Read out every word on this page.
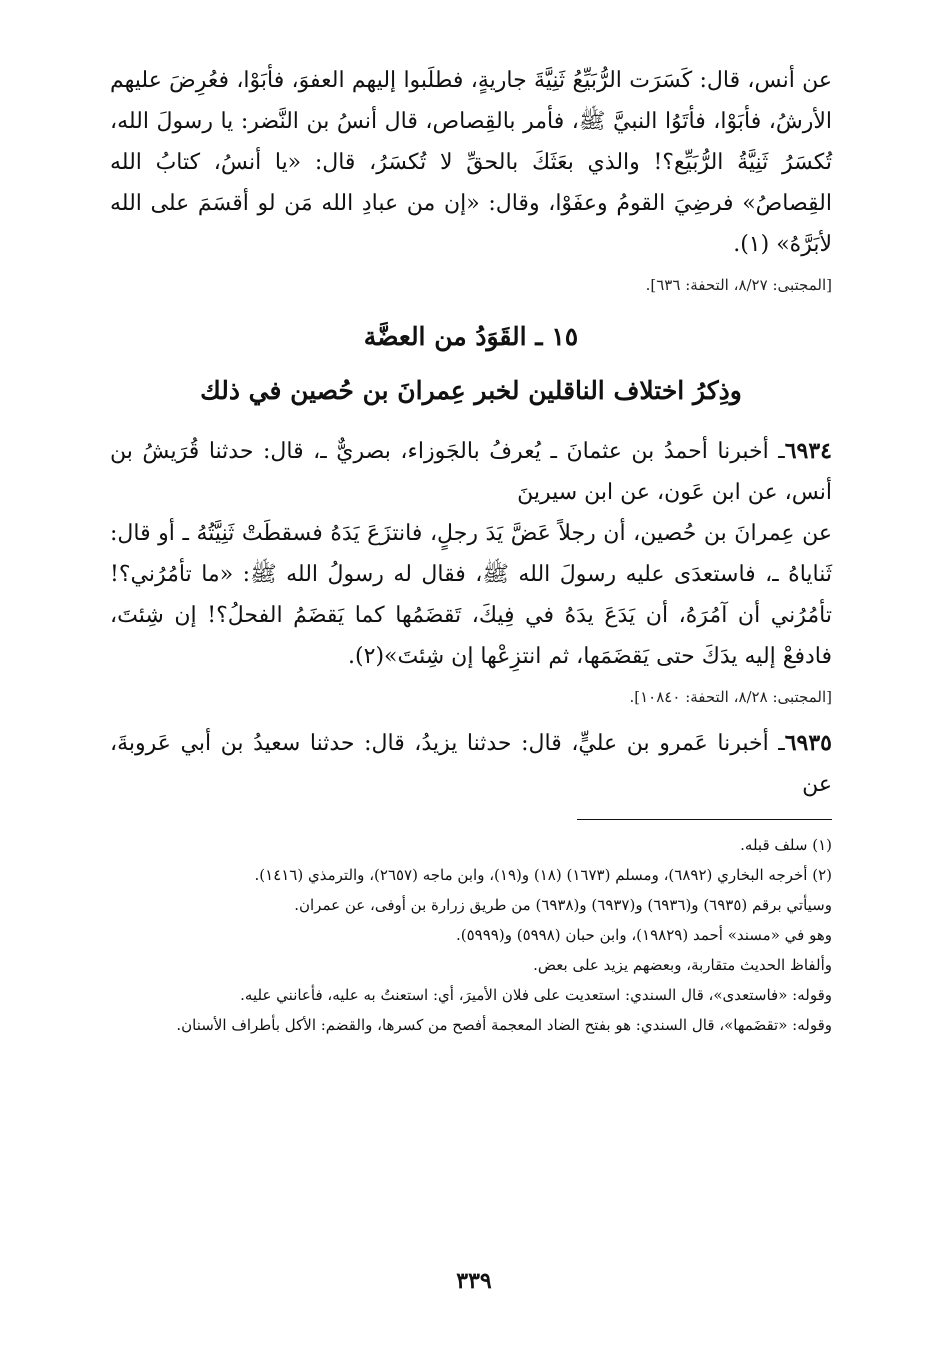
عن أنس، قال: كَسَرَت الرُّبَيِّعُ ثَنِيَّةَ جاريةٍ، فطلَبوا إليهم العفوَ، فأبَوْا، فعُرِضَ عليهم الأرشُ، فأبَوْا، فأتَوُا النبيَّ ﷺ، فأمر بالقِصاص، قال أنسُ بن النَّضر: يا رسولَ الله، تُكسَرُ ثَنِيَّةُ الرُّبَيِّع؟! والذي بعَثَكَ بالحقِّ لا تُكسَرُ، قال: «يا أنسُ، كتابُ الله القِصاصُ» فرضِيَ القومُ وعفَوْا، وقال: «إن من عبادِ الله مَن لو أقسَمَ على الله لأبَرَّهُ» (١).

[المجتبى: ٨/٢٧، التحفة: ٦٣٦].
١٥ ـ القَوَدُ من العضَّة
وذِكرُ اختلاف الناقلين لخبر عِمرانَ بن حُصين في ذلك

٦٩٣٤ـ أخبرنا أحمدُ بن عثمانَ ـ يُعرفُ بالجَوزاء، بصريٌّ ـ، قال: حدثنا قُرَيشُ بن أنس، عن ابن عَون، عن ابن سيرينَ

عن عِمرانَ بن حُصين، أن رجلاً عَضَّ يَدَ رجلٍ، فانتزَعَ يَدَهُ فسقطَتْ ثَنِيَّتُهُ ـ أو قال: ثَناياهُ ـ، فاستعدَى عليه رسولَ الله ﷺ، فقال له رسولُ الله ﷺ: «ما تأمُرُني؟! تأمُرُني أن آمُرَهُ، أن يَدَعَ يدَهُ في فِيكَ، تَقضَمُها كما يَقضَمُ الفحلُ؟! إن شِئتَ، فادفعْ إليه يدَكَ حتى يَقضَمَها، ثم انتزِعْها إن شِئتَ»(٢).

[المجتبى: ٨/٢٨، التحفة: ١٠٨٤٠].

٦٩٣٥ـ أخبرنا عَمرو بن عليٍّ، قال: حدثنا يزيدُ، قال: حدثنا سعيدُ بن أبي عَروبةَ، عن

(١) سلف قبله.

(٢) أخرجه البخاري (٦٨٩٢)، ومسلم (١٦٧٣) (١٨) و(١٩)، وابن ماجه (٢٦٥٧)، والترمذي (١٤١٦).

وسيأتي برقم (٦٩٣٥) و(٦٩٣٦) و(٦٩٣٧) و(٦٩٣٨) من طريق زرارة بن أوفى، عن عمران.

وهو في «مسند» أحمد (١٩٨٢٩)، وابن حبان (٥٩٩٨) و(٥٩٩٩).

وألفاظ الحديث متقاربة، وبعضهم يزيد على بعض.

وقوله: «فاستعدى»، قال السندي: استعديت على فلان الأميرَ، أي: استعنتُ به عليه، فأعانني عليه.

وقوله: «تقضَمها»، قال السندي: هو بفتح الضاد المعجمة أفصح من كسرها، والقضم: الأكل بأطراف الأسنان.

٣٣٩
